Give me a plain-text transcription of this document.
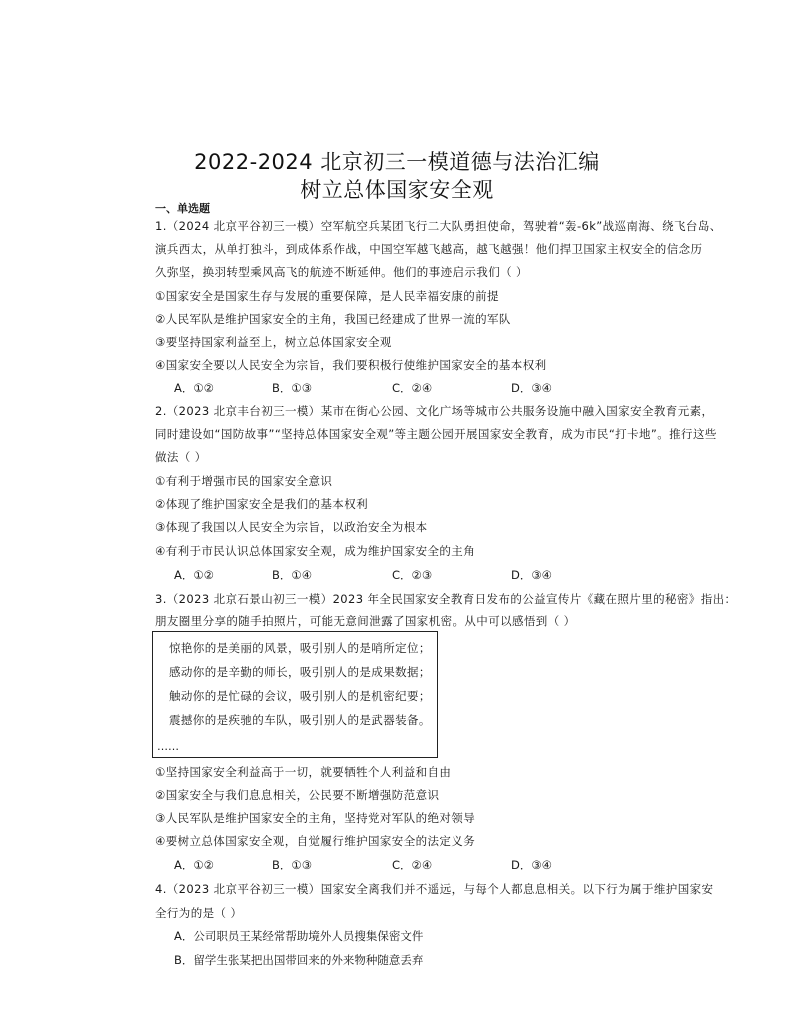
2022-2024 北京初三一模道德与法治汇编
树立总体国家安全观
一、单选题
1.（2024 北京平谷初三一模）空军航空兵某团飞行二大队勇担使命，驾驶着“轰-6k”战巡南海、绕飞台岛、
演兵西太，从单打独斗，到成体系作战，中国空军越飞越高，越飞越强！他们捍卫国家主权安全的信念历
久弥坚，换羽转型乘风高飞的航迹不断延伸。他们的事迹启示我们（ ）
①国家安全是国家生存与发展的重要保障，是人民幸福安康的前提
②人民军队是维护国家安全的主角，我国已经建成了世界一流的军队
③要坚持国家利益至上，树立总体国家安全观
④国家安全要以人民安全为宗旨，我们要积极行使维护国家安全的基本权利
A．①②	B．①③	C．②④	D．③④
2.（2023 北京丰台初三一模）某市在街心公园、文化广场等城市公共服务设施中融入国家安全教育元素，
同时建设如“国防故事”“坚持总体国家安全观”等主题公园开展国家安全教育，成为市民“打卡地”。推行这些
做法（ ）
①有利于增强市民的国家安全意识
②体现了维护国家安全是我们的基本权利
③体现了我国以人民安全为宗旨，以政治安全为根本
④有利于市民认识总体国家安全观，成为维护国家安全的主角
A．①②	B．①④	C．②③	D．③④
3.（2023 北京石景山初三一模）2023 年全民国家安全教育日发布的公益宣传片《藏在照片里的秘密》指出：
朋友圈里分享的随手拍照片，可能无意间泄露了国家机密。从中可以感悟到（ ）
惊艳你的是美丽的风景，吸引别人的是哨所定位；
感动你的是辛勤的师长，吸引别人的是成果数据；
触动你的是忙碌的会议，吸引别人的是机密纪要；
震撼你的是疾驰的车队，吸引别人的是武器装备。
……
①坚持国家安全利益高于一切，就要牺牲个人利益和自由
②国家安全与我们息息相关，公民要不断增强防范意识
③人民军队是维护国家安全的主角，坚持党对军队的绝对领导
④要树立总体国家安全观，自觉履行维护国家安全的法定义务
A．①②	B．①③	C．②④	D．③④
4.（2023 北京平谷初三一模）国家安全离我们并不遥远，与每个人都息息相关。以下行为属于维护国家安
全行为的是（ ）
A．公司职员王某经常帮助境外人员搜集保密文件
B．留学生张某把出国带回来的外来物种随意丢弃
